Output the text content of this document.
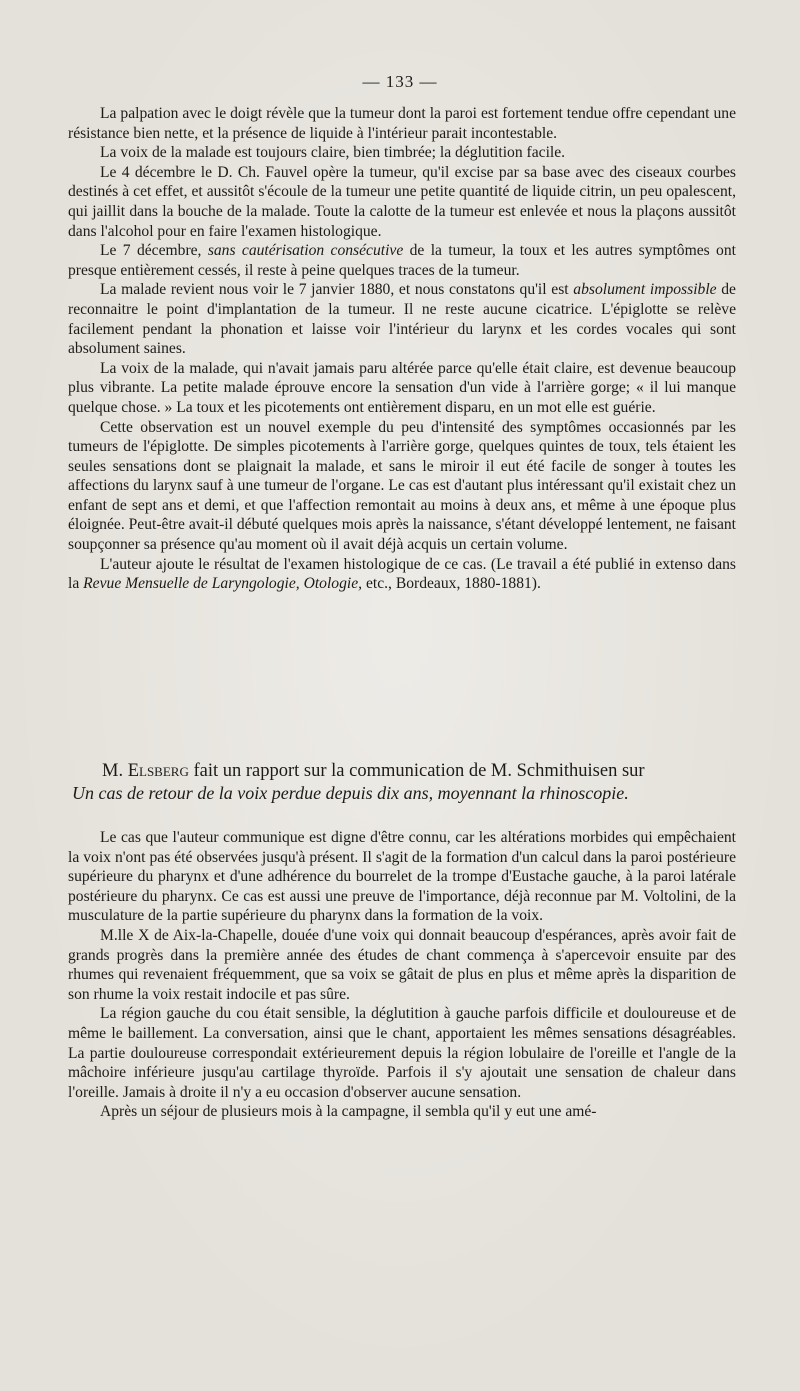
— 133 —

La palpation avec le doigt révèle que la tumeur dont la paroi est fortement tendue offre cependant une résistance bien nette, et la présence de liquide à l'intérieur parait incontestable.

La voix de la malade est toujours claire, bien timbrée; la déglutition facile.

Le 4 décembre le D. Ch. Fauvel opère la tumeur, qu'il excise par sa base avec des ciseaux courbes destinés à cet effet, et aussitôt s'écoule de la tumeur une petite quantité de liquide citrin, un peu opalescent, qui jaillit dans la bouche de la malade. Toute la calotte de la tumeur est enlevée et nous la plaçons aussitôt dans l'alcohol pour en faire l'examen histologique.

Le 7 décembre, sans cautérisation consécutive de la tumeur, la toux et les autres symptômes ont presque entièrement cessés, il reste à peine quelques traces de la tumeur.

La malade revient nous voir le 7 janvier 1880, et nous constatons qu'il est absolument impossible de reconnaitre le point d'implantation de la tumeur. Il ne reste aucune cicatrice. L'épiglotte se relève facilement pendant la phonation et laisse voir l'intérieur du larynx et les cordes vocales qui sont absolument saines.

La voix de la malade, qui n'avait jamais paru altérée parce qu'elle était claire, est devenue beaucoup plus vibrante. La petite malade éprouve encore la sensation d'un vide à l'arrière gorge; « il lui manque quelque chose. » La toux et les picotements ont entièrement disparu, en un mot elle est guérie.

Cette observation est un nouvel exemple du peu d'intensité des symptômes occasionnés par les tumeurs de l'épiglotte. De simples picotements à l'arrière gorge, quelques quintes de toux, tels étaient les seules sensations dont se plaignait la malade, et sans le miroir il eut été facile de songer à toutes les affections du larynx sauf à une tumeur de l'organe. Le cas est d'autant plus intéressant qu'il existait chez un enfant de sept ans et demi, et que l'affection remontait au moins à deux ans, et même à une époque plus éloignée. Peut-être avait-il débuté quelques mois après la naissance, s'étant développé lentement, ne faisant soupçonner sa présence qu'au moment où il avait déjà acquis un certain volume.

L'auteur ajoute le résultat de l'examen histologique de ce cas. (Le travail a été publié in extenso dans la Revue Mensuelle de Laryngologie, Otologie, etc., Bordeaux, 1880-1881).

M. Elsberg fait un rapport sur la communication de M. Schmithuisen sur

Un cas de retour de la voix perdue depuis dix ans, moyennant la rhinoscopie.

Le cas que l'auteur communique est digne d'être connu, car les altérations morbides qui empêchaient la voix n'ont pas été observées jusqu'à présent. Il s'agit de la formation d'un calcul dans la paroi postérieure supérieure du pharynx et d'une adhérence du bourrelet de la trompe d'Eustache gauche, à la paroi latérale postérieure du pharynx. Ce cas est aussi une preuve de l'importance, déjà reconnue par M. Voltolini, de la musculature de la partie supérieure du pharynx dans la formation de la voix.

M.lle X de Aix-la-Chapelle, douée d'une voix qui donnait beaucoup d'espérances, après avoir fait de grands progrès dans la première année des études de chant commença à s'apercevoir ensuite par des rhumes qui revenaient fréquemment, que sa voix se gâtait de plus en plus et même après la disparition de son rhume la voix restait indocile et pas sûre.

La région gauche du cou était sensible, la déglutition à gauche parfois difficile et douloureuse et de même le baillement. La conversation, ainsi que le chant, apportaient les mêmes sensations désagréables. La partie douloureuse correspondait extérieurement depuis la région lobulaire de l'oreille et l'angle de la mâchoire inférieure jusqu'au cartilage thyroïde. Parfois il s'y ajoutait une sensation de chaleur dans l'oreille. Jamais à droite il n'y a eu occasion d'observer aucune sensation.

Après un séjour de plusieurs mois à la campagne, il sembla qu'il y eut une amé-
